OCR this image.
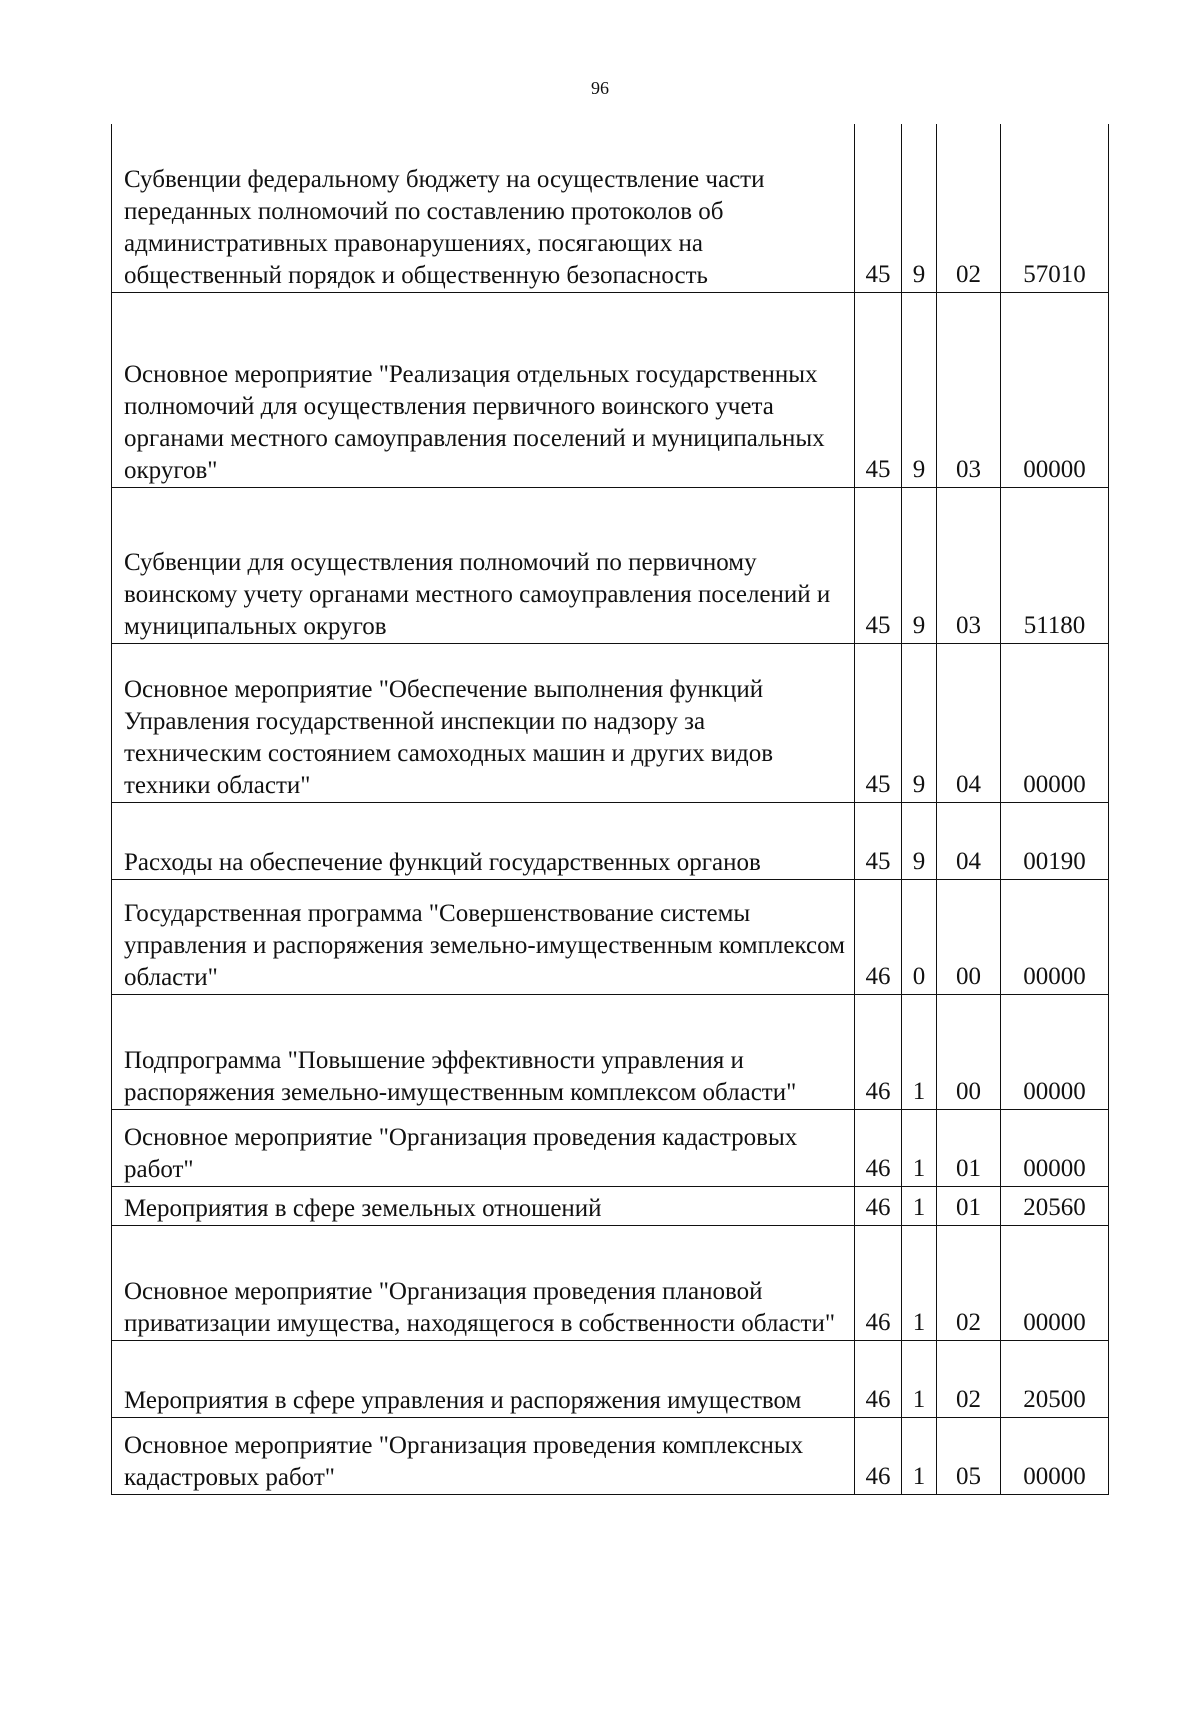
96
Субвенции федеральному бюджету на осуществление части переданных полномочий по составлению протоколов об административных правонарушениях, посягающих на общественный порядок и общественную безопасность	45	9	02	57010
Основное мероприятие "Реализация отдельных государственных полномочий для осуществления первичного воинского учета органами местного самоуправления поселений и муниципальных округов"	45	9	03	00000
Субвенции для осуществления полномочий по первичному воинскому учету органами местного самоуправления поселений и муниципальных округов	45	9	03	51180
Основное мероприятие "Обеспечение выполнения функций Управления государственной инспекции по надзору за техническим состоянием самоходных машин и других видов техники области"	45	9	04	00000
Расходы на обеспечение функций государственных органов	45	9	04	00190
Государственная программа "Совершенствование системы управления и распоряжения земельно-имущественным комплексом области"	46	0	00	00000
Подпрограмма "Повышение эффективности управления и распоряжения земельно-имущественным комплексом области"	46	1	00	00000
Основное мероприятие "Организация проведения кадастровых работ"	46	1	01	00000
Мероприятия в сфере земельных отношений	46	1	01	20560
Основное мероприятие "Организация проведения плановой приватизации имущества, находящегося в собственности области"	46	1	02	00000
Мероприятия в сфере управления и распоряжения имуществом	46	1	02	20500
Основное мероприятие "Организация проведения комплексных кадастровых работ"	46	1	05	00000
